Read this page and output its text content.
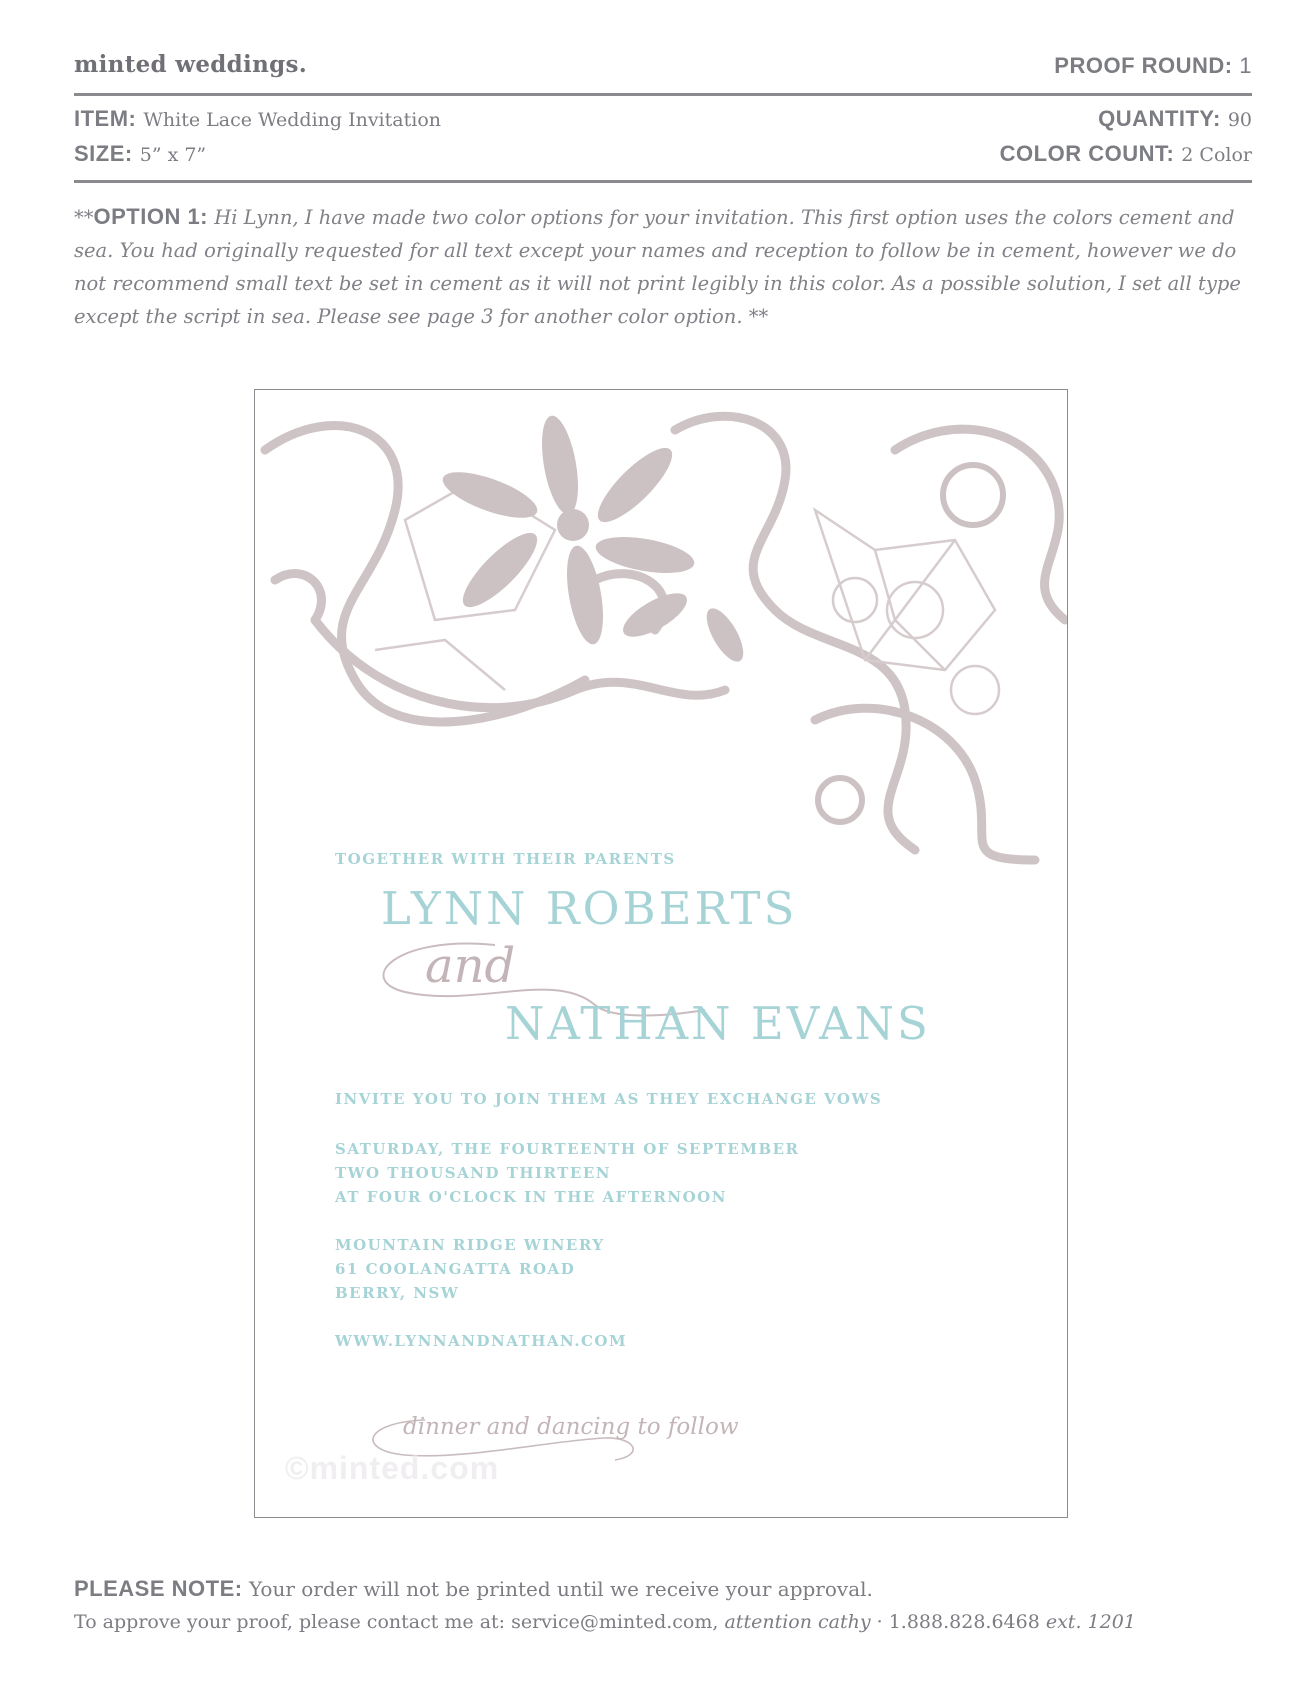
minted weddings.	PROOF ROUND: 1
ITEM: White Lace Wedding Invitation
SIZE: 5” x 7”
QUANTITY: 90
COLOR COUNT: 2 Color
**OPTION 1: Hi Lynn, I have made two color options for your invitation. This first option uses the colors cement and sea. You had originally requested for all text except your names and reception to follow be in cement, however we do not recommend small text be set in cement as it will not print legibly in this color. As a possible solution, I set all type except the script in sea. Please see page 3 for another color option. **
TOGETHER WITH THEIR PARENTS
LYNN ROBERTS
and
NATHAN EVANS
INVITE YOU TO JOIN THEM AS THEY EXCHANGE VOWS
SATURDAY, THE FOURTEENTH OF SEPTEMBER
TWO THOUSAND THIRTEEN
AT FOUR O'CLOCK IN THE AFTERNOON
MOUNTAIN RIDGE WINERY
61 COOLANGATTA ROAD
BERRY, NSW
WWW.LYNNANDNATHAN.COM
dinner and dancing to follow
©minted.com
PLEASE NOTE: Your order will not be printed until we receive your approval.
To approve your proof, please contact me at: service@minted.com, attention cathy · 1.888.828.6468 ext. 1201
